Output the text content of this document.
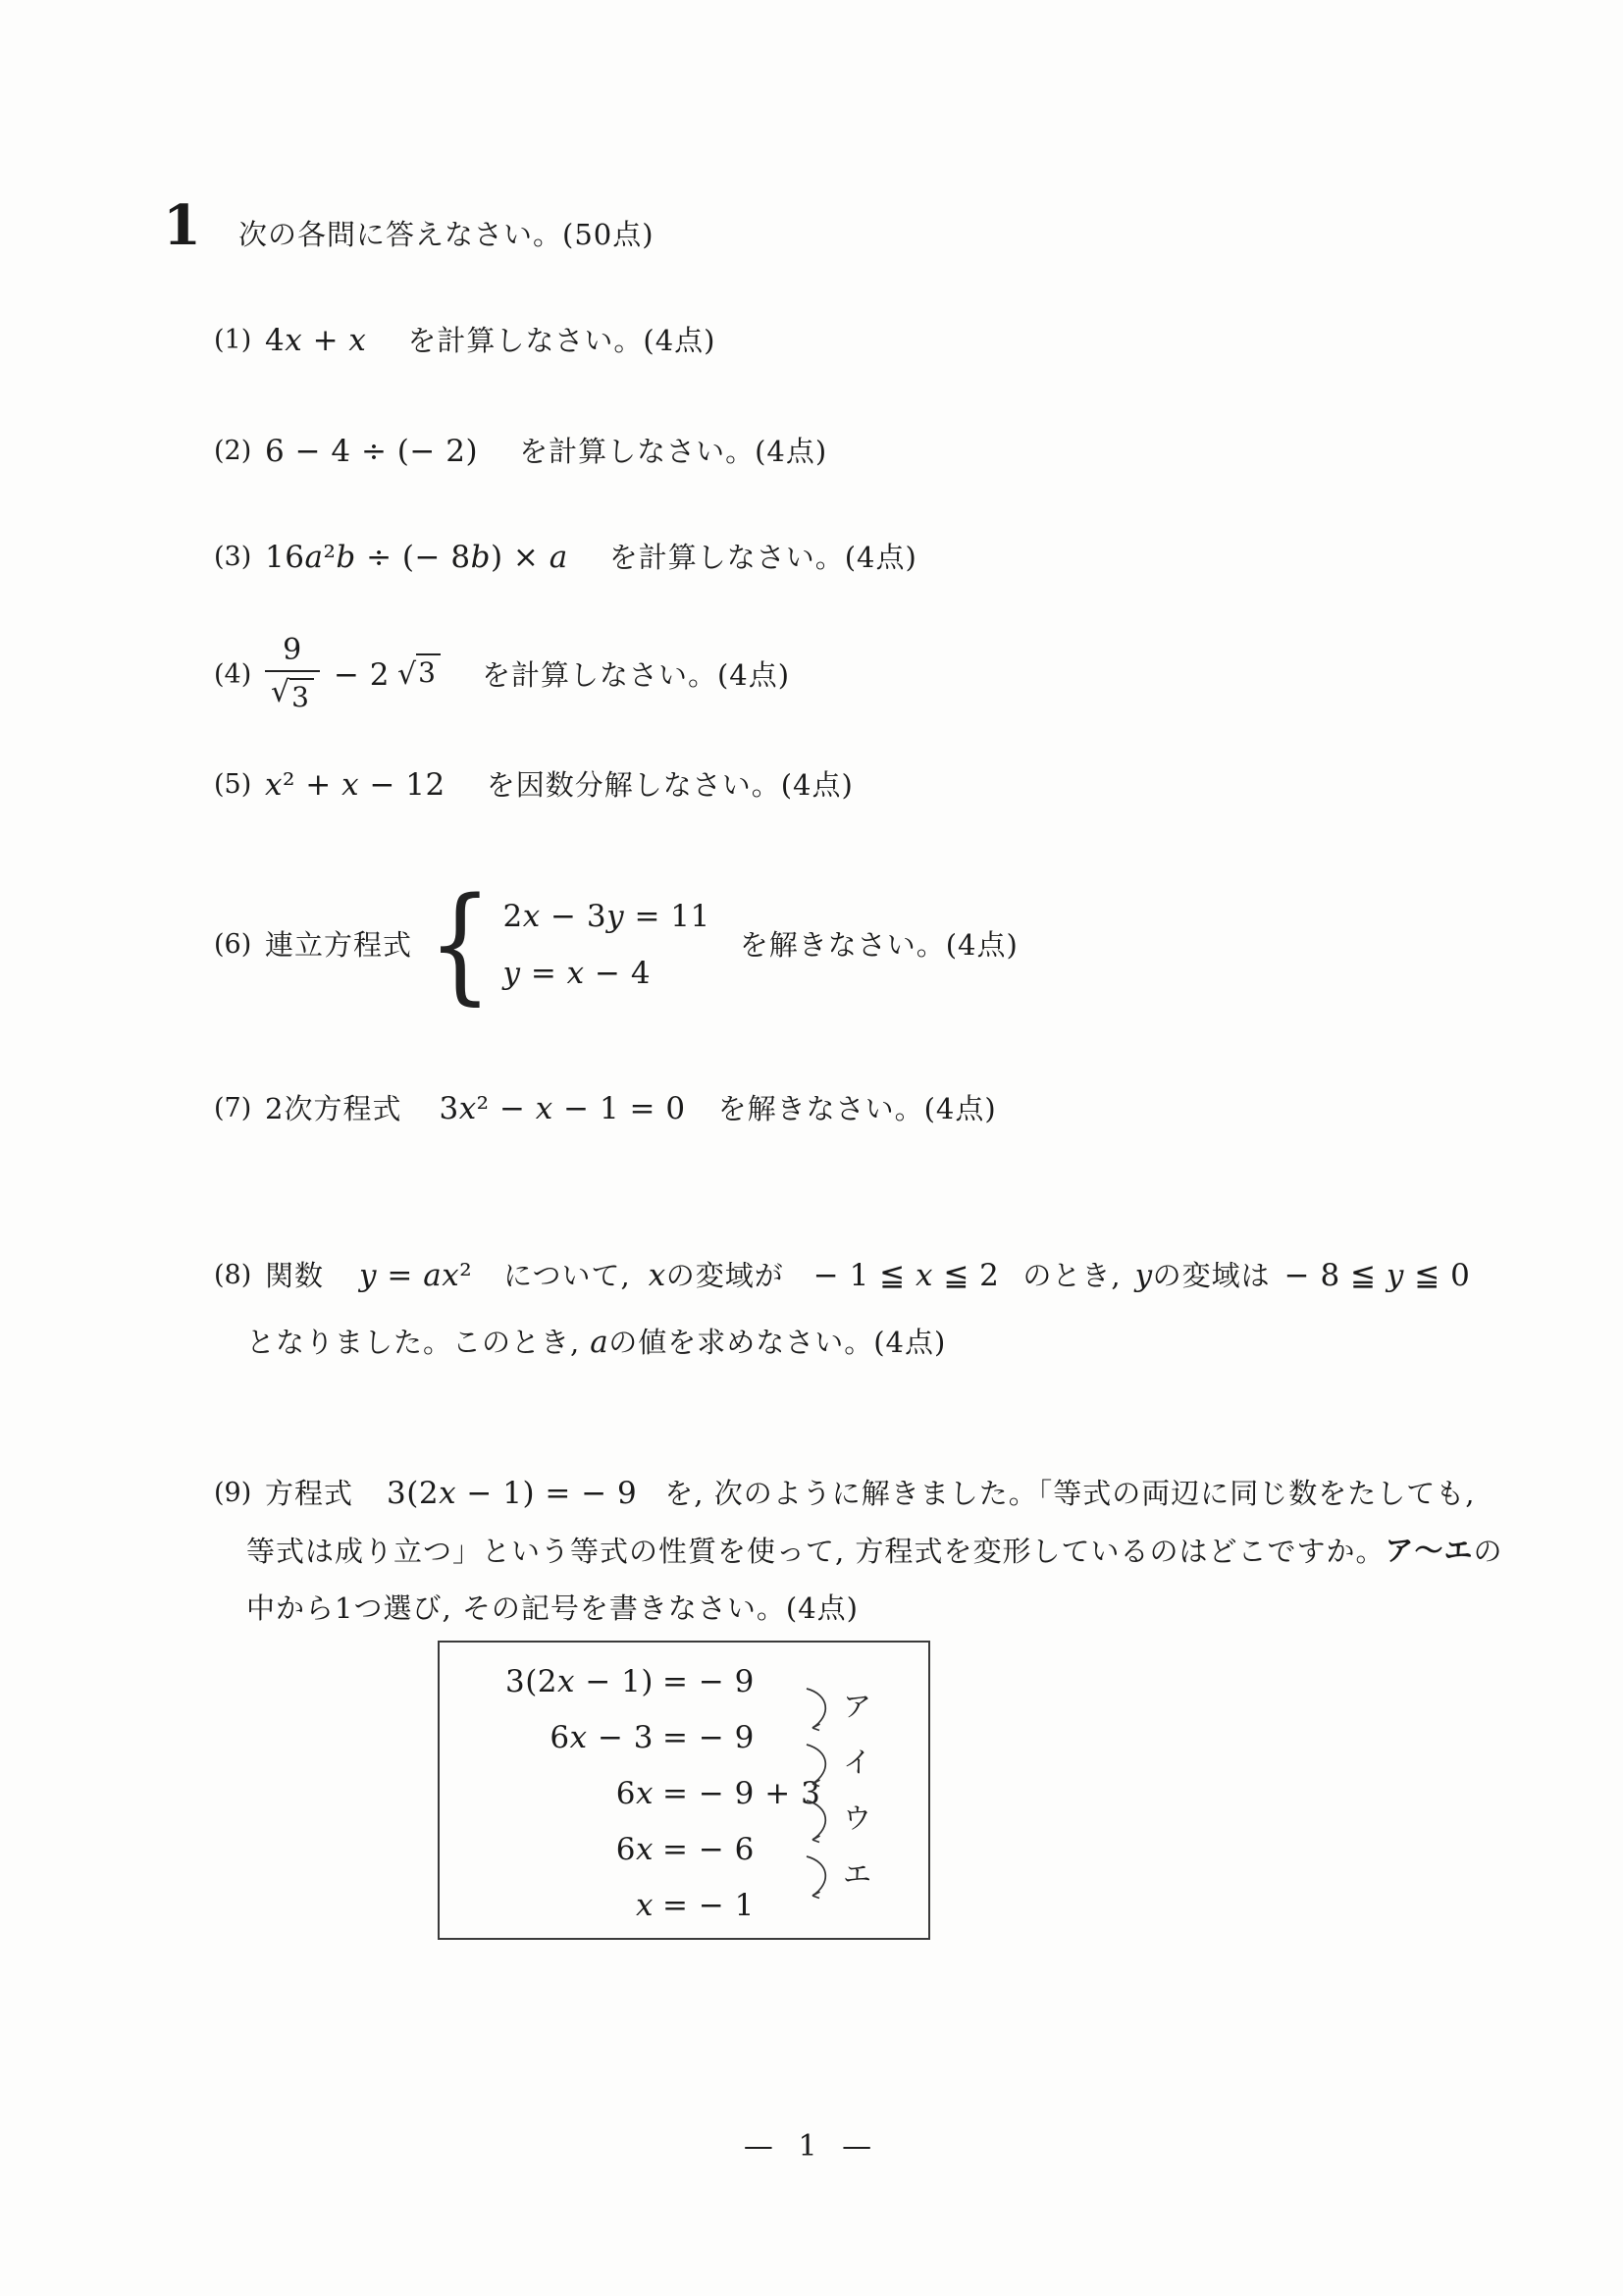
1 次の各問に答えなさい。(50点)
(1) 4x + x を計算しなさい。(4点)
(2) 6 − 4 ÷ (− 2) を計算しなさい。(4点)
(3) 16a²b ÷ (− 8b) × a を計算しなさい。(4点)
$(4) \frac{9}{√ 3} - 2$ √ 3 を計算しなさい。(4点)
(5) x² + x − 12 を因数分解しなさい。(4点)
(6) 連立方程式 { 2x − 3y = 11
y = x − 4
を解きなさい。(4点)
(7) 2次方程式 3x² − x − 1 = 0 を解きなさい。(4点)
(8) 関数 y = ax² について, x の変域が − 1 ≦ x ≦ 2 のとき, y の変域は − 8 ≦ y ≦ 0
となりました。このとき, a の値を求めなさい。(4点)
(9) 方程式 3(2x − 1) = − 9 を, 次のように解きました。「等式の両辺に同じ数をたしても,
等式は成り立つ」という等式の性質を使って, 方程式を変形しているのはどこですか。 ア〜エ の
中から1つ選び, その記号を書きなさい。(4点)
3(2x − 1) = − 9
6x − 3 = − 9
6x = − 9 + 3
6x = − 6
x = − 1
ア
イ
ウ
エ
— 1 —
